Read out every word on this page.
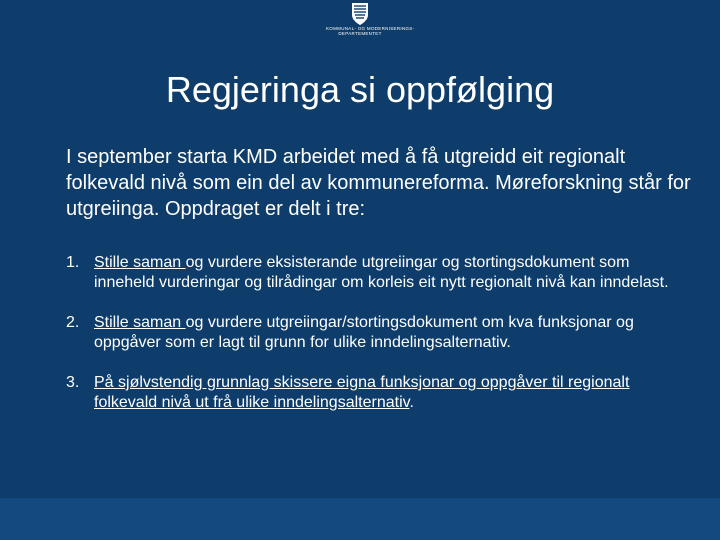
KOMMUNAL- OG MODERNISERINGS-
DEPARTEMENTET
Regjeringa si oppfølging

I september starta KMD arbeidet med å få utgreidd eit regionalt folkevald nivå som ein del av kommunereforma. Møreforskning står for utgreiinga. Oppdraget er delt i tre:

1. Stille saman og vurdere eksisterande utgreiingar og stortingsdokument som inneheld vurderingar og tilrådingar om korleis eit nytt regionalt nivå kan inndelast.
2. Stille saman og vurdere utgreiingar/stortingsdokument om kva funksjonar og oppgåver som er lagt til grunn for ulike inndelingsalternativ.
3. På sjølvstendig grunnlag skissere eigna funksjonar og oppgåver til regionalt folkevald nivå ut frå ulike inndelingsalternativ.
